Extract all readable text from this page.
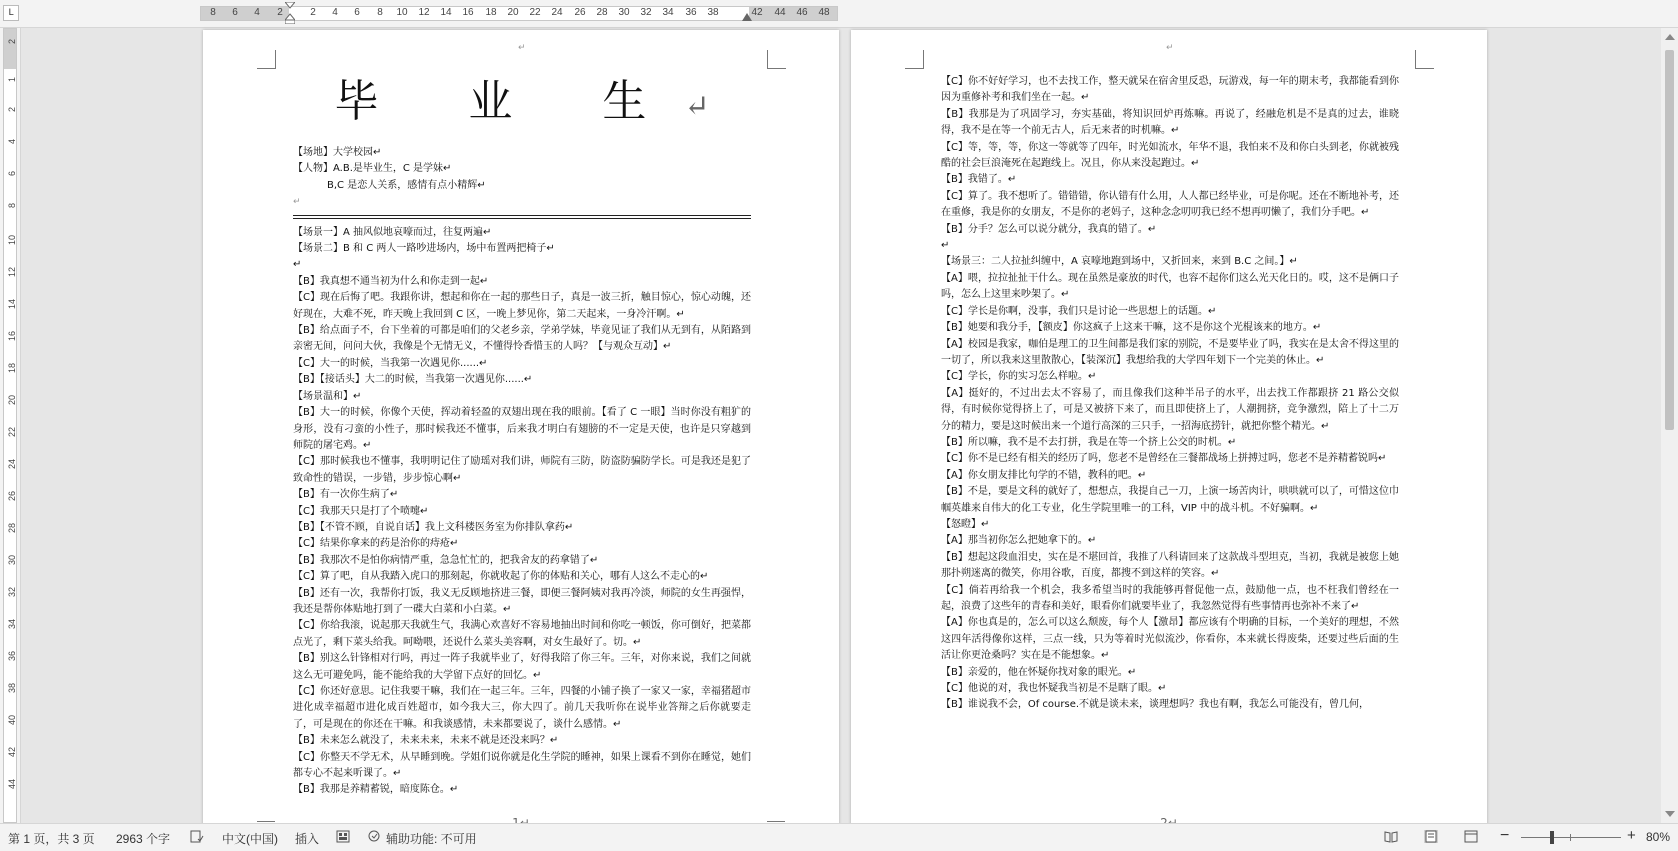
L	8 6 4 2	2 4 6 8 10 12 14 16 18 20 22 24 26 28 30 32 34 36 38	42 44 46 48
2
1
2
4
6
8
10
12
14
16
18
20
22
24
26
28
30
32
34
36
38
40
42
44
↵
毕 业 生↵

【场地】大学校园↵

【人物】A.B.是毕业生，C 是学妹↵

B,C 是恋人关系，感情有点小精辉↵

↵

【场景一】A 抽风似地哀嚎而过，往复两遍↵

【场景二】B 和 C 两人一路吵进场内，场中布置两把椅子↵

↵

【B】我真想不通当初为什么和你走到一起↵

【C】现在后悔了吧。我跟你讲，想起和你在一起的那些日子，真是一波三折，触目惊心，惊心动魄，还好现在，大难不死，昨天晚上我回到 C 区，一晚上梦见你，第二天起来，一身冷汗啊。↵

【B】给点面子不，台下坐着的可都是咱们的父老乡亲，学弟学妹，毕竟见证了我们从无到有，从陌路到亲密无间，问问大伙，我像是个无情无义，不懂得怜香惜玉的人吗？【与观众互动】↵

【C】大一的时候，当我第一次遇见你......↵

【B】【接话头】大二的时候，当我第一次遇见你......↵

【场景温和】↵

【B】大一的时候，你像个天使，挥动着轻盈的双翅出现在我的眼前。【看了 C 一眼】当时你没有粗犷的身形，没有刁蛮的小性子，那时候我还不懂事，后来我才明白有翅膀的不一定是天使，也许是只穿越到师院的屠宅鸡。↵

【C】那时候我也不懂事，我明明记住了励瑶对我们讲，师院有三防，防盗防骗防学长。可是我还是犯了致命性的错误，一步错，步步惊心啊↵

【B】有一次你生病了↵

【C】我那天只是打了个喷嚏↵

【B】【不管不顾，自说自话】我上文科楼医务室为你排队拿药↵

【C】结果你拿来的药是治你的痔疮↵

【B】我那次不是怕你病情严重，急急忙忙的，把我舍友的药拿错了↵

【C】算了吧，自从我踏入虎口的那刻起，你就收起了你的体贴和关心，哪有人这么不走心的↵

【B】还有一次，我帮你打饭，我义无反顾地挤进三餐，即便三餐阿姨对我再冷淡，师院的女生再强悍，我还是帮你体贴地打到了一碟大白菜和小白菜。↵

【C】你给我滚，说起那天我就生气，我满心欢喜好不容易地抽出时间和你吃一顿饭，你可倒好，把菜都点光了，剩下菜头给我。呵呦喂，还说什么菜头美容啊，对女生最好了。切。↵

【B】别这么针锋相对行吗，再过一阵子我就毕业了，好得我陪了你三年。三年，对你来说，我们之间就这么无可避免吗，能不能给我的大学留下点好的回忆。↵

【C】你还好意思。记住我要干嘛，我们在一起三年。三年，四餐的小铺子换了一家又一家，幸福猪超市进化成幸福超市进化成百姓超市，如今我大三，你大四了。前几天我听你在说毕业答辩之后你就要走了，可是现在的你还在干嘛。和我谈感情，未来都要说了，谈什么感情。↵

【B】未来怎么就没了，未来未来，未来不就是还没来吗？↵

【C】你整天不学无术，从早睡到晚。学姐们说你就是化生学院的睡神，如果上课看不到你在睡觉，她们都专心不起来听课了。↵

【B】我那是养精蓄锐，暗度陈仓。↵

↵

【C】你不好好学习，也不去找工作，整天就呆在宿舍里反恐，玩游戏，每一年的期末考，我都能看到你因为重修补考和我们坐在一起。↵

【B】我那是为了巩固学习，夯实基础，将知识回炉再炼嘛。再说了，经融危机是不是真的过去，谁晓得，我不是在等一个前无古人，后无来者的时机嘛。↵

【C】等，等，等，你这一等就等了四年，时光如流水，年华不退，我怕来不及和你白头到老，你就被残酷的社会巨浪淹死在起跑线上。况且，你从来没起跑过。↵

【B】我错了。↵

【C】算了。我不想听了。错错错，你认错有什么用，人人都已经毕业，可是你呢。还在不断地补考，还在重修，我是你的女朋友，不是你的老妈子，这种念念叨叨我已经不想再叨懒了，我们分手吧。↵

【B】分手？怎么可以说分就分，我真的错了。↵

↵

【场景三：二人拉扯纠缠中，A 哀嚎地跑到场中，又折回来，来到 B.C 之间。】↵

【A】喂，拉拉扯扯干什么。现在虽然是豪放的时代，也容不起你们这么光天化日的。哎，这不是俩口子吗，怎么上这里来吵架了。↵

【C】学长是你啊，没事，我们只是讨论一些思想上的话题。↵

【B】她要和我分手，【额皮】你这疯子上这来干嘛，这不是你这个光棍该来的地方。↵

【A】校园是我家，咖伯是理工的卫生间都是我们家的别院，不是要毕业了吗，我实在是太舍不得这里的一切了，所以我来这里散散心，【装深沉】我想给我的大学四年划下一个完美的休止。↵

【C】学长，你的实习怎么样啦。↵

【A】挺好的，不过出去太不容易了，而且像我们这种半吊子的水平，出去找工作都跟挤 21 路公交似得，有时候你觉得挤上了，可是又被挤下来了，而且即使挤上了，人潮拥挤，竞争激烈，陪上了十二万分的精力，要是这时候出来一个道行高深的三只手，一招海底捞针，就把你整个精光。↵

【B】所以嘛，我不是不去打拼，我是在等一个挤上公交的时机。↵

【C】你不是已经有相关的经历了吗，您老不是曾经在三餐都战场上拼搏过吗，您老不是养精蓄锐吗↵

【A】你女朋友排比句学的不错，教科的吧。↵

【B】不是，要是文科的就好了，想想点，我提自己一刀，上演一场苦肉计，哄哄就可以了，可惜这位巾帼英雄来自伟大的化工专业，化生学院里唯一的工科，VIP 中的战斗机。不好骗啊。↵

【怒瞪】↵

【A】那当初你怎么把她拿下的。↵

【B】想起这段血泪史，实在是不堪回首，我推了八科请回来了这款战斗型坦克，当初，我就是被您上她那扑朔迷离的微笑，你用谷歌，百度，都搜不到这样的笑容。↵

【C】倘若再给我一个机会，我多希望当时的我能够再督促他一点，鼓励他一点，也不枉我们曾经在一起，浪费了这些年的青春和美好，眼看你们就要毕业了，我忽然觉得有些事情再也弥补不来了↵

【A】你也真是的，怎么可以这么颓废，每个人【激昂】都应该有个明确的目标，一个美好的理想，不然这四年活得像你这样，三点一线，只为等着时光似流沙，你看你，本来就长得废柴，还要过些后面的生活让你更沧桑吗？实在是不能想象。↵

【B】亲爱的，他在怀疑你找对象的眼光。↵

【C】他说的对，我也怀疑我当初是不是瞎了眼。↵

【B】谁说我不会，Of course.不就是谈未来，谈理想吗？我也有啊，我怎么可能没有，曾几何，

第 1 页，共 3 页 2963 个字	中文(中国) 插入	辅助功能: 不可用	−	+ 80%
